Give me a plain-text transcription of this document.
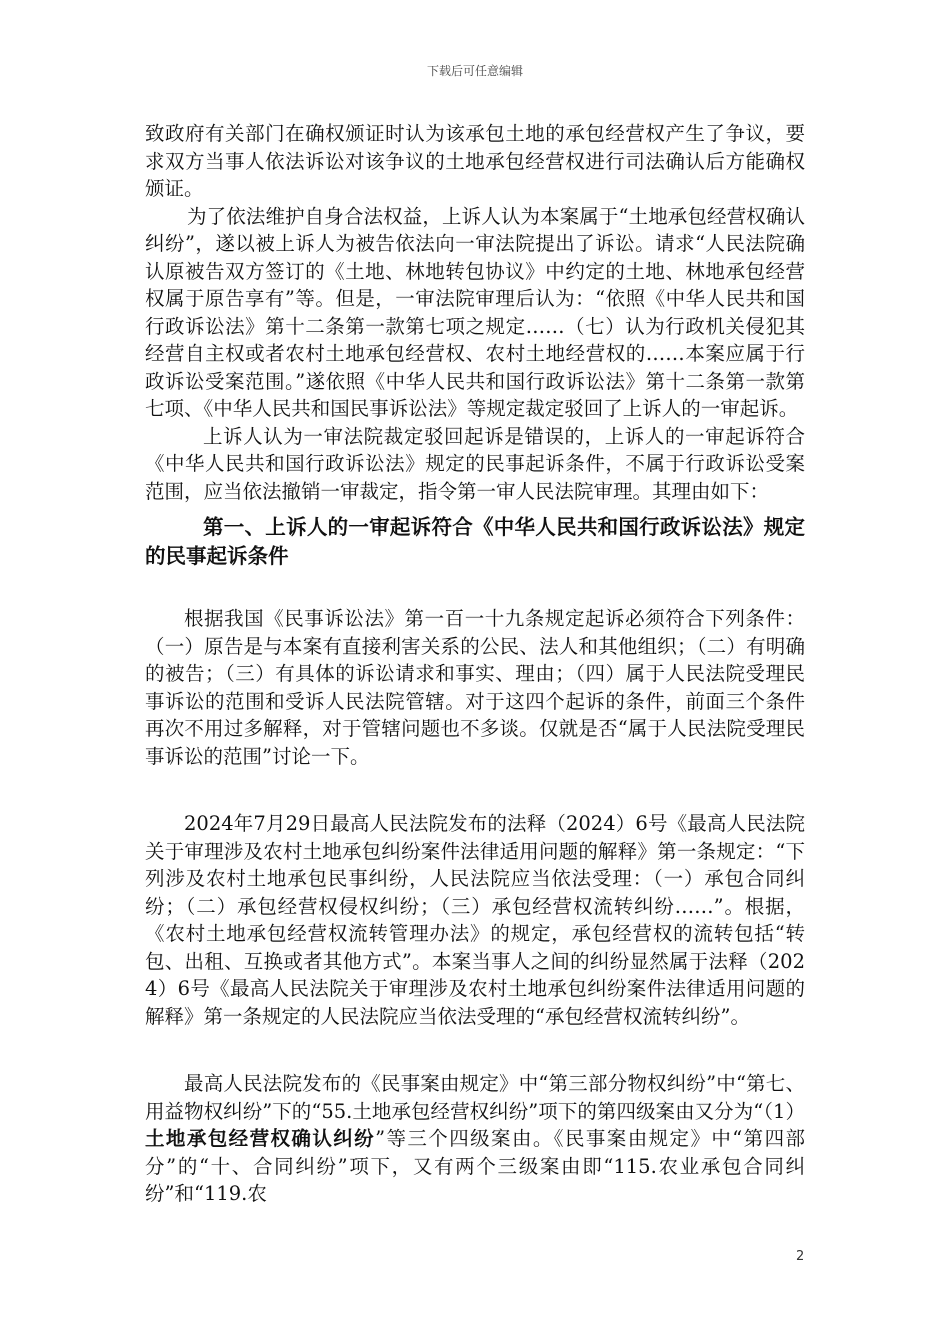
下载后可任意编辑

致政府有关部门在确权颁证时认为该承包土地的承包经营权产生了争议，要求双方当事人依法诉讼对该争议的土地承包经营权进行司法确认后方能确权颁证。

为了依法维护自身合法权益，上诉人认为本案属于“土地承包经营权确认纠纷”，遂以被上诉人为被告依法向一审法院提出了诉讼。请求“人民法院确认原被告双方签订的《土地、林地转包协议》中约定的土地、林地承包经营权属于原告享有”等。但是，一审法院审理后认为：“依照《中华人民共和国行政诉讼法》第十二条第一款第七项之规定……（七）认为行政机关侵犯其经营自主权或者农村土地承包经营权、农村土地经营权的……本案应属于行政诉讼受案范围。”遂依照《中华人民共和国行政诉讼法》第十二条第一款第七项、《中华人民共和国民事诉讼法》等规定裁定驳回了上诉人的一审起诉。

上诉人认为一审法院裁定驳回起诉是错误的，上诉人的一审起诉符合《中华人民共和国行政诉讼法》规定的民事起诉条件，不属于行政诉讼受案范围，应当依法撤销一审裁定，指令第一审人民法院审理。其理由如下：

第一、上诉人的一审起诉符合《中华人民共和国行政诉讼法》规定的民事起诉条件

根据我国《民事诉讼法》第一百一十九条规定起诉必须符合下列条件：（一）原告是与本案有直接利害关系的公民、法人和其他组织；（二）有明确的被告；（三）有具体的诉讼请求和事实、理由；（四）属于人民法院受理民事诉讼的范围和受诉人民法院管辖。对于这四个起诉的条件，前面三个条件再次不用过多解释，对于管辖问题也不多谈。仅就是否“属于人民法院受理民事诉讼的范围”讨论一下。

2024年7月29日最高人民法院发布的法释（2024）6号《最高人民法院关于审理涉及农村土地承包纠纷案件法律适用问题的解释》第一条规定：“下列涉及农村土地承包民事纠纷，人民法院应当依法受理：（一）承包合同纠纷；（二）承包经营权侵权纠纷；（三）承包经营权流转纠纷……”。根据，《农村土地承包经营权流转管理办法》的规定，承包经营权的流转包括“转包、出租、互换或者其他方式”。本案当事人之间的纠纷显然属于法释（2024）6号《最高人民法院关于审理涉及农村土地承包纠纷案件法律适用问题的解释》第一条规定的人民法院应当依法受理的“承包经营权流转纠纷”。

最高人民法院发布的《民事案由规定》中“第三部分物权纠纷”中“第七、用益物权纠纷”下的“55.土地承包经营权纠纷”项下的第四级案由又分为“（1）土地承包经营权确认纠纷”等三个四级案由。《民事案由规定》中“第四部分”的“十、合同纠纷”项下，又有两个三级案由即“115.农业承包合同纠纷”和“119.农

2
